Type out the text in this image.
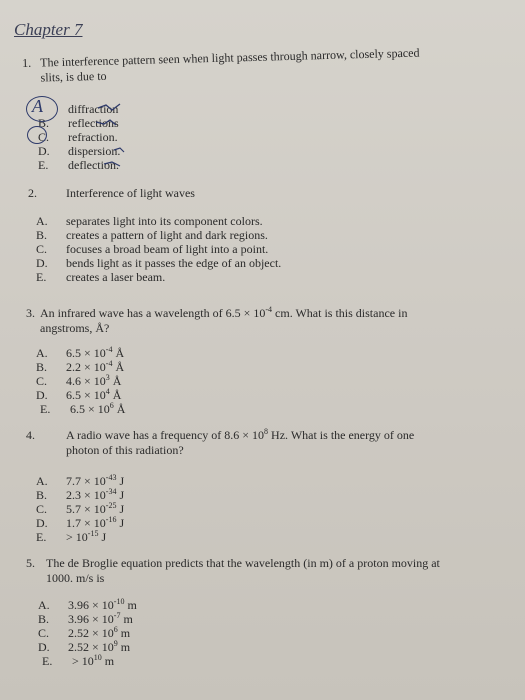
Chapter 7
1. The interference pattern seen when light passes through narrow, closely spaced
slits, is due to
diffraction
B. reflections
C. refraction.
D. dispersion.
E. deflection.
A
2. Interference of light waves
A. separates light into its component colors.
B. creates a pattern of light and dark regions.
C. focuses a broad beam of light into a point.
D. bends light as it passes the edge of an object.
E. creates a laser beam.
3. An infrared wave has a wavelength of $6.5 \times 10^{-4}$ cm. What is this distance in
angstroms, Å?
A. $6.5 \times 10^{-4}$ Å
B. $2.2 \times 10^{-4}$ Å
C. $4.6 \times 10^3$ Å
D. $6.5 \times 10^4$ Å
E. $6.5 \times 10^6$ Å
4.	A radio wave has a frequency of $8.6 \times 10^8$ Hz. What is the energy of one
photon of this radiation?
A. $7.7 \times 10^{-43}$ J
B. $2.3 \times 10^{-34}$ J
C. $5.7 \times 10^{-25}$ J
D. $1.7 \times 10^{-16}$ J
E. > $10^{-15}$ J
5. The de Broglie equation predicts that the wavelength (in m) of a proton moving at
1000. m/s is
A. $3.96 \times 10^{-10}$ m
B. $3.96 \times 10^{-7}$ m
C. $2.52 \times 10^6$ m
D. $2.52 \times 10^9$ m
E. > $10^{10}$ m
